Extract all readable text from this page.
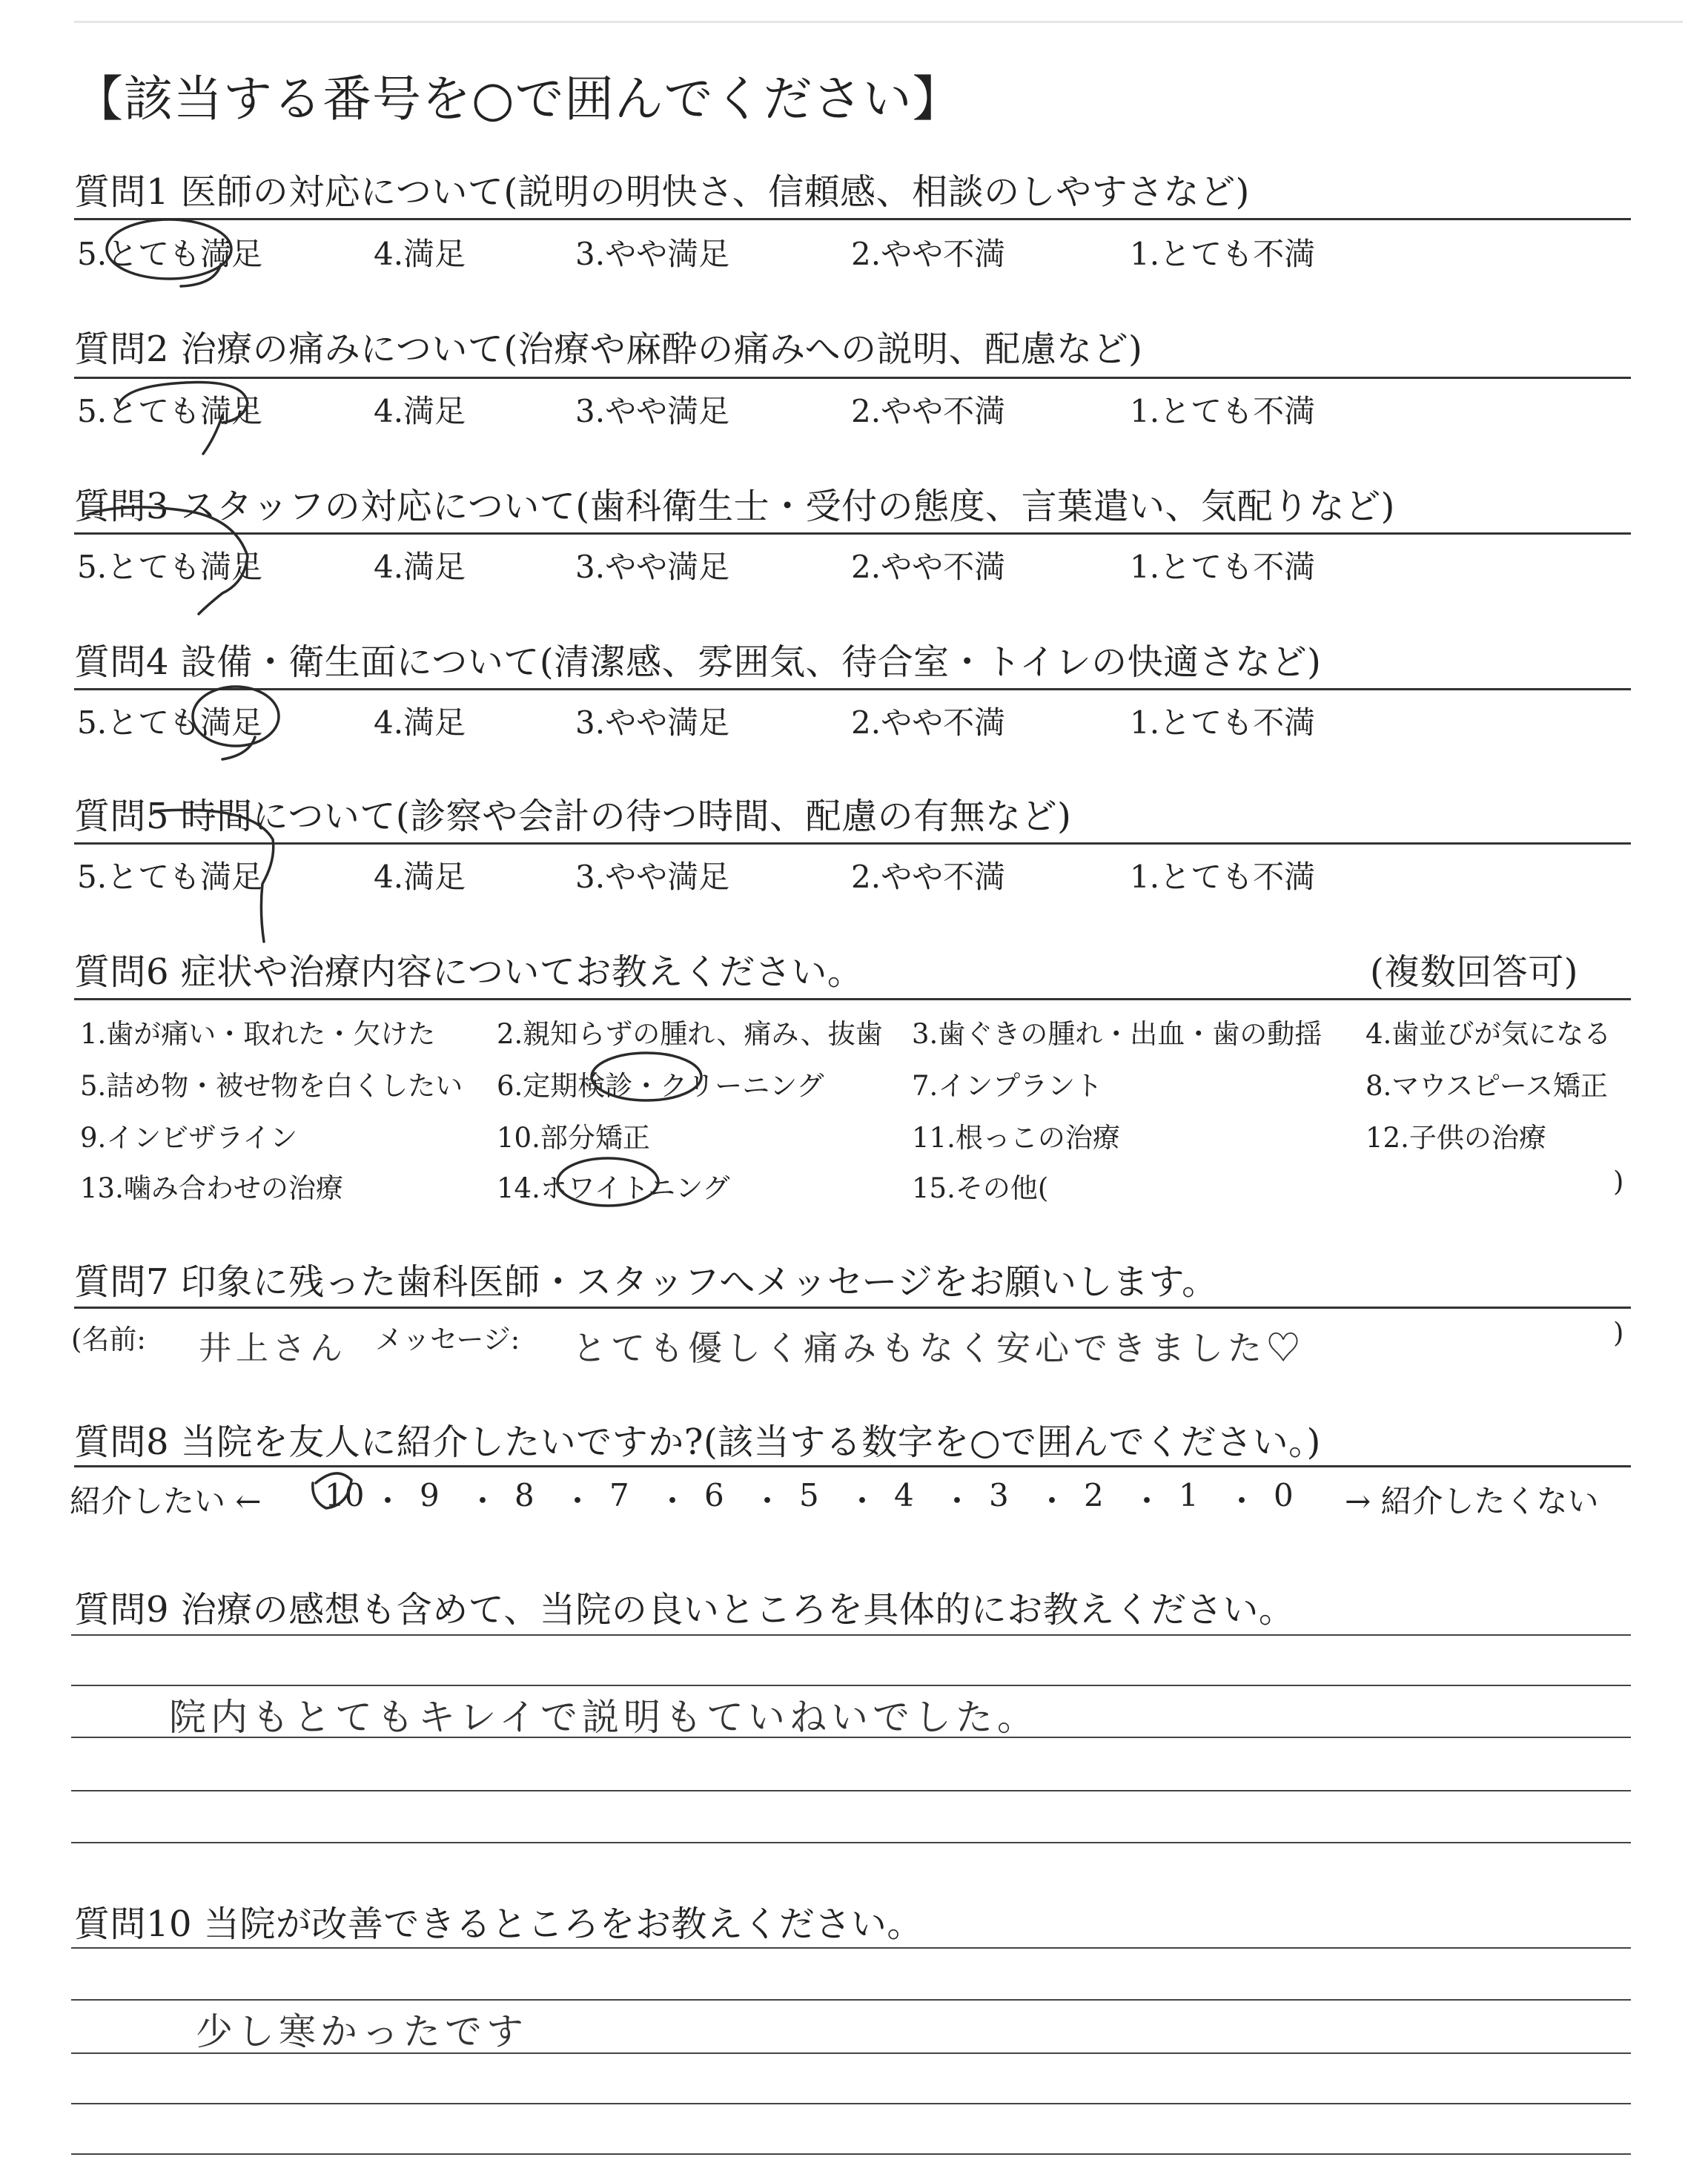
【該当する番号を○で囲んでください】
質問1 医師の対応について(説明の明快さ、信頼感、相談のしやすさなど)
5.とても満足	4.満足	3.やや満足	2.やや不満	1.とても不満
質問2 治療の痛みについて(治療や麻酔の痛みへの説明、配慮など)
5.とても満足	4.満足	3.やや満足	2.やや不満	1.とても不満
質問3 スタッフの対応について(歯科衛生士・受付の態度、言葉遣い、気配りなど)
5.とても満足	4.満足	3.やや満足	2.やや不満	1.とても不満
質問4 設備・衛生面について(清潔感、雰囲気、待合室・トイレの快適さなど)
5.とても満足	4.満足	3.やや満足	2.やや不満	1.とても不満
質問5 時間について(診察や会計の待つ時間、配慮の有無など)
5.とても満足	4.満足	3.やや満足	2.やや不満	1.とても不満
質問6 症状や治療内容についてお教えください。	(複数回答可)
1.歯が痛い・取れた・欠けた 2.親知らずの腫れ、痛み、抜歯 3.歯ぐきの腫れ・出血・歯の動揺 4.歯並びが気になる
5.詰め物・被せ物を白くしたい 6.定期検診・クリーニング	7.インプラント	8.マウスピース矯正
9.インビザライン	10.部分矯正	11.根っこの治療	12.子供の治療
13.噛み合わせの治療	14.ホワイトニング	15.その他(	)
質問7 印象に残った歯科医師・スタッフへメッセージをお願いします。
(名前: 井上さん メッセージ: とても優しく痛みもなく安心できました♡	)
質問8 当院を友人に紹介したいですか?(該当する数字を○で囲んでください。)
紹介したい ← 10 ・ 9 ・ 8 ・ 7 ・ 6 ・ 5 ・ 4 ・ 3 ・ 2 ・ 1 ・ 0 → 紹介したくない
質問9 治療の感想も含めて、当院の良いところを具体的にお教えください。
院内もとてもキレイで説明もていねいでした。
質問10 当院が改善できるところをお教えください。
少し寒かったです
